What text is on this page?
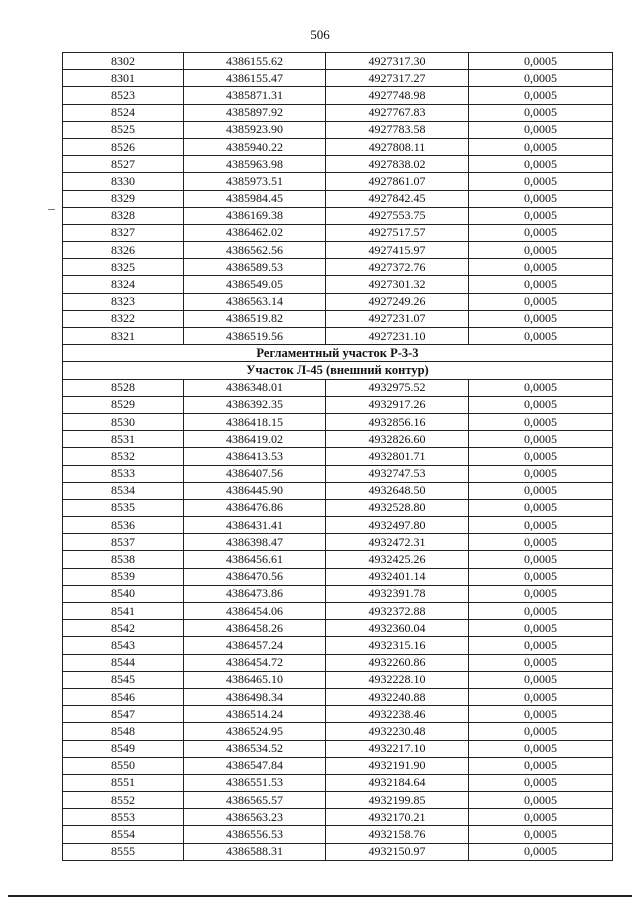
506
8302	4386155.62	4927317.30	0,0005
8301	4386155.47	4927317.27	0,0005
8523	4385871.31	4927748.98	0,0005
8524	4385897.92	4927767.83	0,0005
8525	4385923.90	4927783.58	0,0005
8526	4385940.22	4927808.11	0,0005
8527	4385963.98	4927838.02	0,0005
8330	4385973.51	4927861.07	0,0005
8329	4385984.45	4927842.45	0,0005
8328	4386169.38	4927553.75	0,0005
8327	4386462.02	4927517.57	0,0005
8326	4386562.56	4927415.97	0,0005
8325	4386589.53	4927372.76	0,0005
8324	4386549.05	4927301.32	0,0005
8323	4386563.14	4927249.26	0,0005
8322	4386519.82	4927231.07	0,0005
8321	4386519.56	4927231.10	0,0005
Регламентный участок Р-3-3			
Участок Л-45 (внешний контур)			
8528	4386348.01	4932975.52	0,0005
8529	4386392.35	4932917.26	0,0005
8530	4386418.15	4932856.16	0,0005
8531	4386419.02	4932826.60	0,0005
8532	4386413.53	4932801.71	0,0005
8533	4386407.56	4932747.53	0,0005
8534	4386445.90	4932648.50	0,0005
8535	4386476.86	4932528.80	0,0005
8536	4386431.41	4932497.80	0,0005
8537	4386398.47	4932472.31	0,0005
8538	4386456.61	4932425.26	0,0005
8539	4386470.56	4932401.14	0,0005
8540	4386473.86	4932391.78	0,0005
8541	4386454.06	4932372.88	0,0005
8542	4386458.26	4932360.04	0,0005
8543	4386457.24	4932315.16	0,0005
8544	4386454.72	4932260.86	0,0005
8545	4386465.10	4932228.10	0,0005
8546	4386498.34	4932240.88	0,0005
8547	4386514.24	4932238.46	0,0005
8548	4386524.95	4932230.48	0,0005
8549	4386534.52	4932217.10	0,0005
8550	4386547.84	4932191.90	0,0005
8551	4386551.53	4932184.64	0,0005
8552	4386565.57	4932199.85	0,0005
8553	4386563.23	4932170.21	0,0005
8554	4386556.53	4932158.76	0,0005
8555	4386588.31	4932150.97	0,0005
